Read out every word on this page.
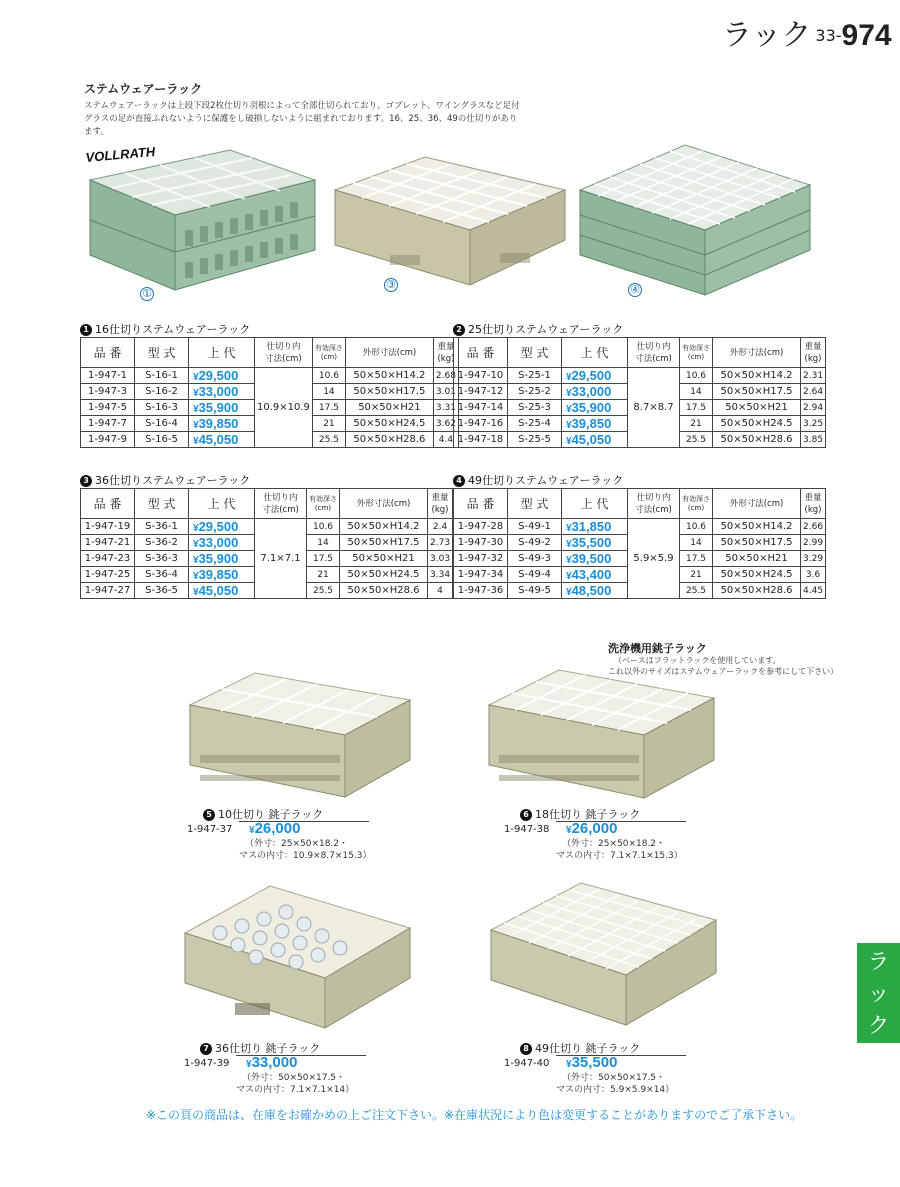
ラック 33-974
ステムウェアーラック
ステムウェアーラックは上段下段2枚仕切り羽根によって全部仕切られており、ゴブレット、ワイングラスなど足付グラスの足が直接ふれないように保護をし破損しないように組まれております。16、25、36、49の仕切りがあります。
VOLLRATH
①
③	④
1 16仕切りステムウェアーラック	2 25仕切りステムウェアーラック
3 36仕切りステムウェアーラック	4 49仕切りステムウェアーラック
品 番	型 式	上 代	仕切り内
寸法(cm)	有効深さ
(cm)	外形寸法(cm)	重量
(kg)
1-947-1	S-16-1	¥29,500	10.9×10.9	10.6	50×50×H14.2	2.68
1-947-3	S-16-2	¥33,000		14	50×50×H17.5	3.01
1-947-5	S-16-3	¥35,900		17.5	50×50×H21	3.31
1-947-7	S-16-4	¥39,850		21	50×50×H24.5	3.62
1-947-9	S-16-5	¥45,050		25.5	50×50×H28.6	4.4
品 番	型 式	上 代	仕切り内
寸法(cm)	有効深さ
(cm)	外形寸法(cm)	重量
(kg)
1-947-10	S-25-1	¥29,500	8.7×8.7	10.6	50×50×H14.2	2.31
1-947-12	S-25-2	¥33,000		14	50×50×H17.5	2.64
1-947-14	S-25-3	¥35,900		17.5	50×50×H21	2.94
1-947-16	S-25-4	¥39,850		21	50×50×H24.5	3.25
1-947-18	S-25-5	¥45,050		25.5	50×50×H28.6	3.85
品 番	型 式	上 代	仕切り内
寸法(cm)	有効深さ
(cm)	外形寸法(cm)	重量
(kg)
1-947-19	S-36-1	¥29,500	7.1×7.1	10.6	50×50×H14.2	2.4
1-947-21	S-36-2	¥33,000		14	50×50×H17.5	2.73
1-947-23	S-36-3	¥35,900		17.5	50×50×H21	3.03
1-947-25	S-36-4	¥39,850		21	50×50×H24.5	3.34
1-947-27	S-36-5	¥45,050		25.5	50×50×H28.6	4
品 番	型 式	上 代	仕切り内
寸法(cm)	有効深さ
(cm)	外形寸法(cm)	重量
(kg)
1-947-28	S-49-1	¥31,850	5.9×5.9	10.6	50×50×H14.2	2.66
1-947-30	S-49-2	¥35,500		14	50×50×H17.5	2.99
1-947-32	S-49-3	¥39,500		17.5	50×50×H21	3.29
1-947-34	S-49-4	¥43,400		21	50×50×H24.5	3.6
1-947-36	S-49-5	¥48,500		25.5	50×50×H28.6	4.45
洗浄機用銚子ラック
（ベースはフラットラックを使用しています。
これ以外のサイズはステムウェアーラックを参考にして下さい）
5 10仕切り 銚子ラック
1-947-37 ¥26,000
（外寸：25×50×18.2・
マスの内寸：10.9×8.7×15.3）
6 18仕切り 銚子ラック
1-947-38 ¥26,000
（外寸：25×50×18.2・
マスの内寸：7.1×7.1×15.3）
7 36仕切り 銚子ラック
1-947-39 ¥33,000
（外寸：50×50×17.5・
マスの内寸：7.1×7.1×14）
8 49仕切り 銚子ラック
1-947-40 ¥35,500
（外寸：50×50×17.5・
マスの内寸：5.9×5.9×14）
※この頁の商品は、在庫をお確かめの上ご注文下さい。※在庫状況により色は変更することがありますのでご了承下さい。
ラ
ッ
ク
